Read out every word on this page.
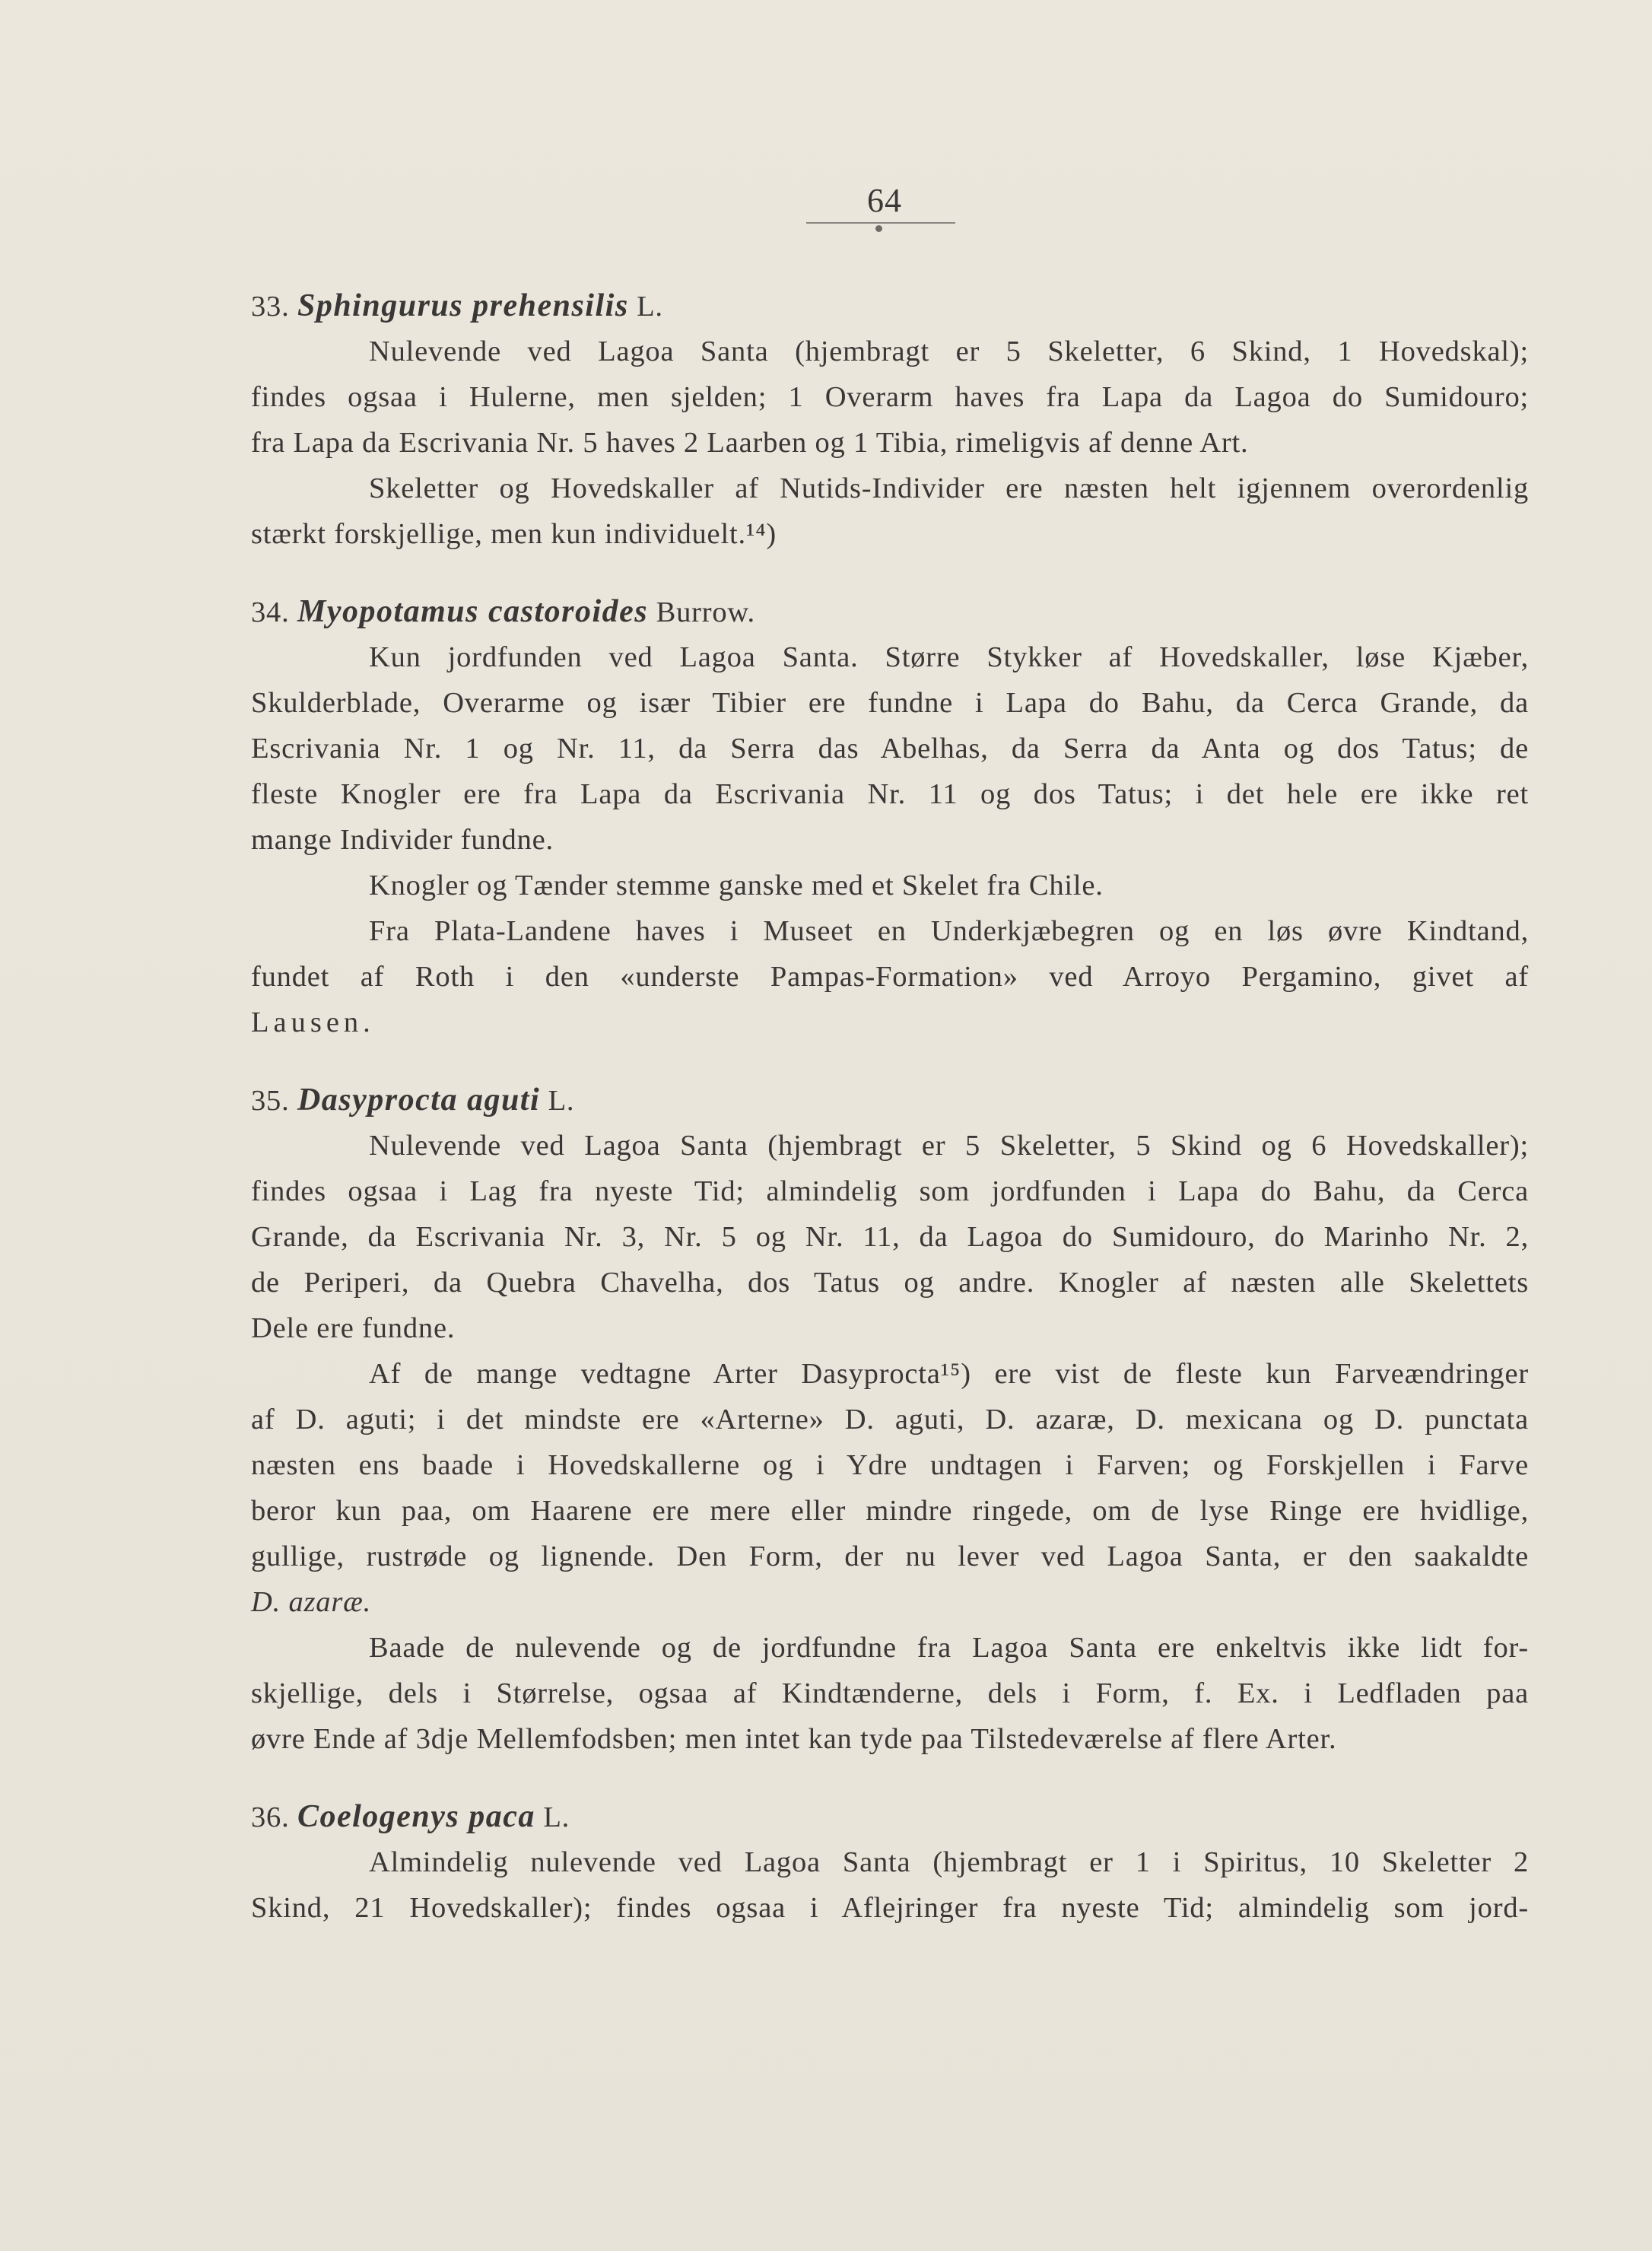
64
33. Sphingurus prehensilis L.
Nulevende ved Lagoa Santa (hjembragt er 5 Skeletter, 6 Skind, 1 Hovedskal);
findes ogsaa i Hulerne, men sjelden; 1 Overarm haves fra Lapa da Lagoa do Sumidouro;
fra Lapa da Escrivania Nr. 5 haves 2 Laarben og 1 Tibia, rimeligvis af denne Art.
Skeletter og Hovedskaller af Nutids-Individer ere næsten helt igjennem overordenlig
stærkt forskjellige, men kun individuelt.¹⁴)
34. Myopotamus castoroides Burrow.
Kun jordfunden ved Lagoa Santa. Større Stykker af Hovedskaller, løse Kjæber,
Skulderblade, Overarme og især Tibier ere fundne i Lapa do Bahu, da Cerca Grande, da
Escrivania Nr. 1 og Nr. 11, da Serra das Abelhas, da Serra da Anta og dos Tatus; de
fleste Knogler ere fra Lapa da Escrivania Nr. 11 og dos Tatus; i det hele ere ikke ret
mange Individer fundne.
Knogler og Tænder stemme ganske med et Skelet fra Chile.
Fra Plata-Landene haves i Museet en Underkjæbegren og en løs øvre Kindtand,
fundet af Roth i den «underste Pampas-Formation» ved Arroyo Pergamino, givet af
Lausen.
35. Dasyprocta aguti L.
Nulevende ved Lagoa Santa (hjembragt er 5 Skeletter, 5 Skind og 6 Hovedskaller);
findes ogsaa i Lag fra nyeste Tid; almindelig som jordfunden i Lapa do Bahu, da Cerca
Grande, da Escrivania Nr. 3, Nr. 5 og Nr. 11, da Lagoa do Sumidouro, do Marinho Nr. 2,
de Periperi, da Quebra Chavelha, dos Tatus og andre. Knogler af næsten alle Skelettets
Dele ere fundne.
Af de mange vedtagne Arter Dasyprocta¹⁵) ere vist de fleste kun Farveændringer
af D. aguti; i det mindste ere «Arterne» D. aguti, D. azaræ, D. mexicana og D. punctata
næsten ens baade i Hovedskallerne og i Ydre undtagen i Farven; og Forskjellen i Farve
beror kun paa, om Haarene ere mere eller mindre ringede, om de lyse Ringe ere hvidlige,
gullige, rustrøde og lignende. Den Form, der nu lever ved Lagoa Santa, er den saakaldte
D. azaræ.
Baade de nulevende og de jordfundne fra Lagoa Santa ere enkeltvis ikke lidt for-
skjellige, dels i Størrelse, ogsaa af Kindtænderne, dels i Form, f. Ex. i Ledfladen paa
øvre Ende af 3dje Mellemfodsben; men intet kan tyde paa Tilstedeværelse af flere Arter.
36. Coelogenys paca L.
Almindelig nulevende ved Lagoa Santa (hjembragt er 1 i Spiritus, 10 Skeletter 2
Skind, 21 Hovedskaller); findes ogsaa i Aflejringer fra nyeste Tid; almindelig som jord-
